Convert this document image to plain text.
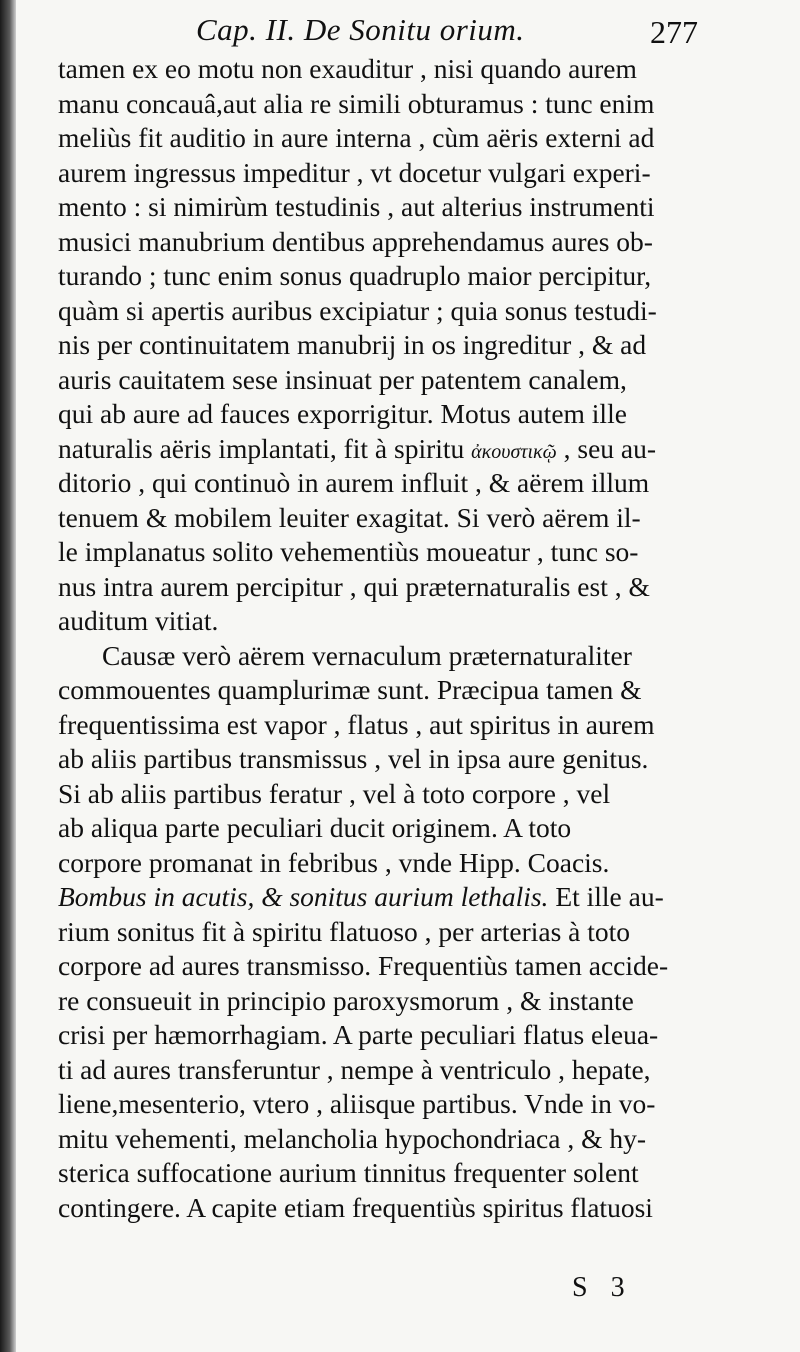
Cap. II. De Sonitu orium.	277
tamen ex eo motu non exauditur , nisi quando aurem
manu concauâ,aut alia re simili obturamus : tunc enim
meliùs fit auditio in aure interna , cùm aëris externi ad
aurem ingressus impeditur , vt docetur vulgari experi-
mento : si nimirùm testudinis , aut alterius instrumenti
musici manubrium dentibus apprehendamus aures ob-
turando ; tunc enim sonus quadruplo maior percipitur,
quàm si apertis auribus excipiatur ; quia sonus testudi-
nis per continuitatem manubrij in os ingreditur , & ad
auris cauitatem sese insinuat per patentem canalem,
qui ab aure ad fauces exporrigitur. Motus autem ille
naturalis aëris implantati, fit à spiritu ἀκουστικῷ , seu au-
ditorio , qui continuò in aurem influit , & aërem illum
tenuem & mobilem leuiter exagitat. Si verò aërem il-
le implanatus solito vehementiùs moueatur , tunc so-
nus intra aurem percipitur , qui præternaturalis est , &
auditum vitiat.
Causæ verò aërem vernaculum præternaturaliter
commouentes quamplurimæ sunt. Præcipua tamen &
frequentissima est vapor , flatus , aut spiritus in aurem
ab aliis partibus transmissus , vel in ipsa aure genitus.
Si ab aliis partibus feratur , vel à toto corpore , vel
ab aliqua parte peculiari ducit originem. A toto
corpore promanat in febribus , vnde Hipp. Coacis.
Bombus in acutis, & sonitus aurium lethalis. Et ille au-
rium sonitus fit à spiritu flatuoso , per arterias à toto
corpore ad aures transmisso. Frequentiùs tamen accide-
re consueuit in principio paroxysmorum , & instante
crisi per hæmorrhagiam. A parte peculiari flatus eleua-
ti ad aures transferuntur , nempe à ventriculo , hepate,
liene,mesenterio, vtero , aliisque partibus. Vnde in vo-
mitu vehementi, melancholia hypochondriaca , & hy-
sterica suffocatione aurium tinnitus frequenter solent
contingere. A capite etiam frequentiùs spiritus flatuosi
S 3
